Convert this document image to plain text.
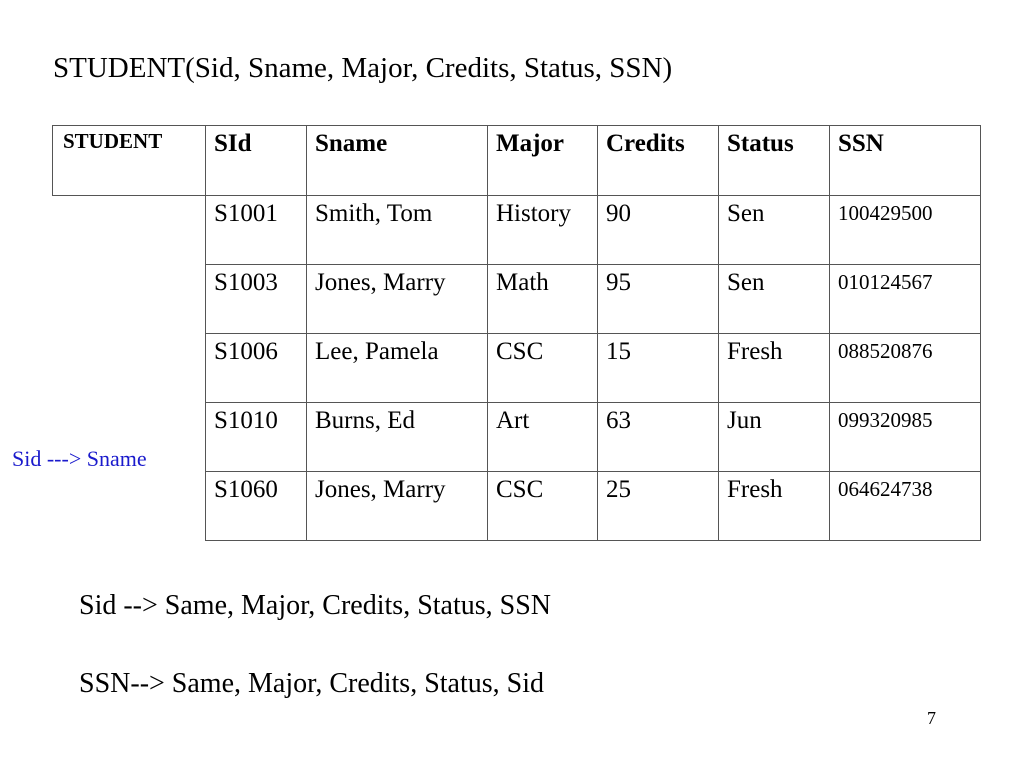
STUDENT(Sid, Sname, Major, Credits, Status, SSN)
STUDENT	SId	Sname	Major	Credits	Status	SSN
	S1001	Smith, Tom	History	90	Sen	100429500
	S1003	Jones, Marry	Math	95	Sen	010124567
	S1006	Lee, Pamela	CSC	15	Fresh	088520876
	S1010	Burns, Ed	Art	63	Jun	099320985
	S1060	Jones, Marry	CSC	25	Fresh	064624738
Sid ---> Sname
Sid --> Same, Major, Credits, Status, SSN
SSN--> Same, Major, Credits, Status, Sid
7
